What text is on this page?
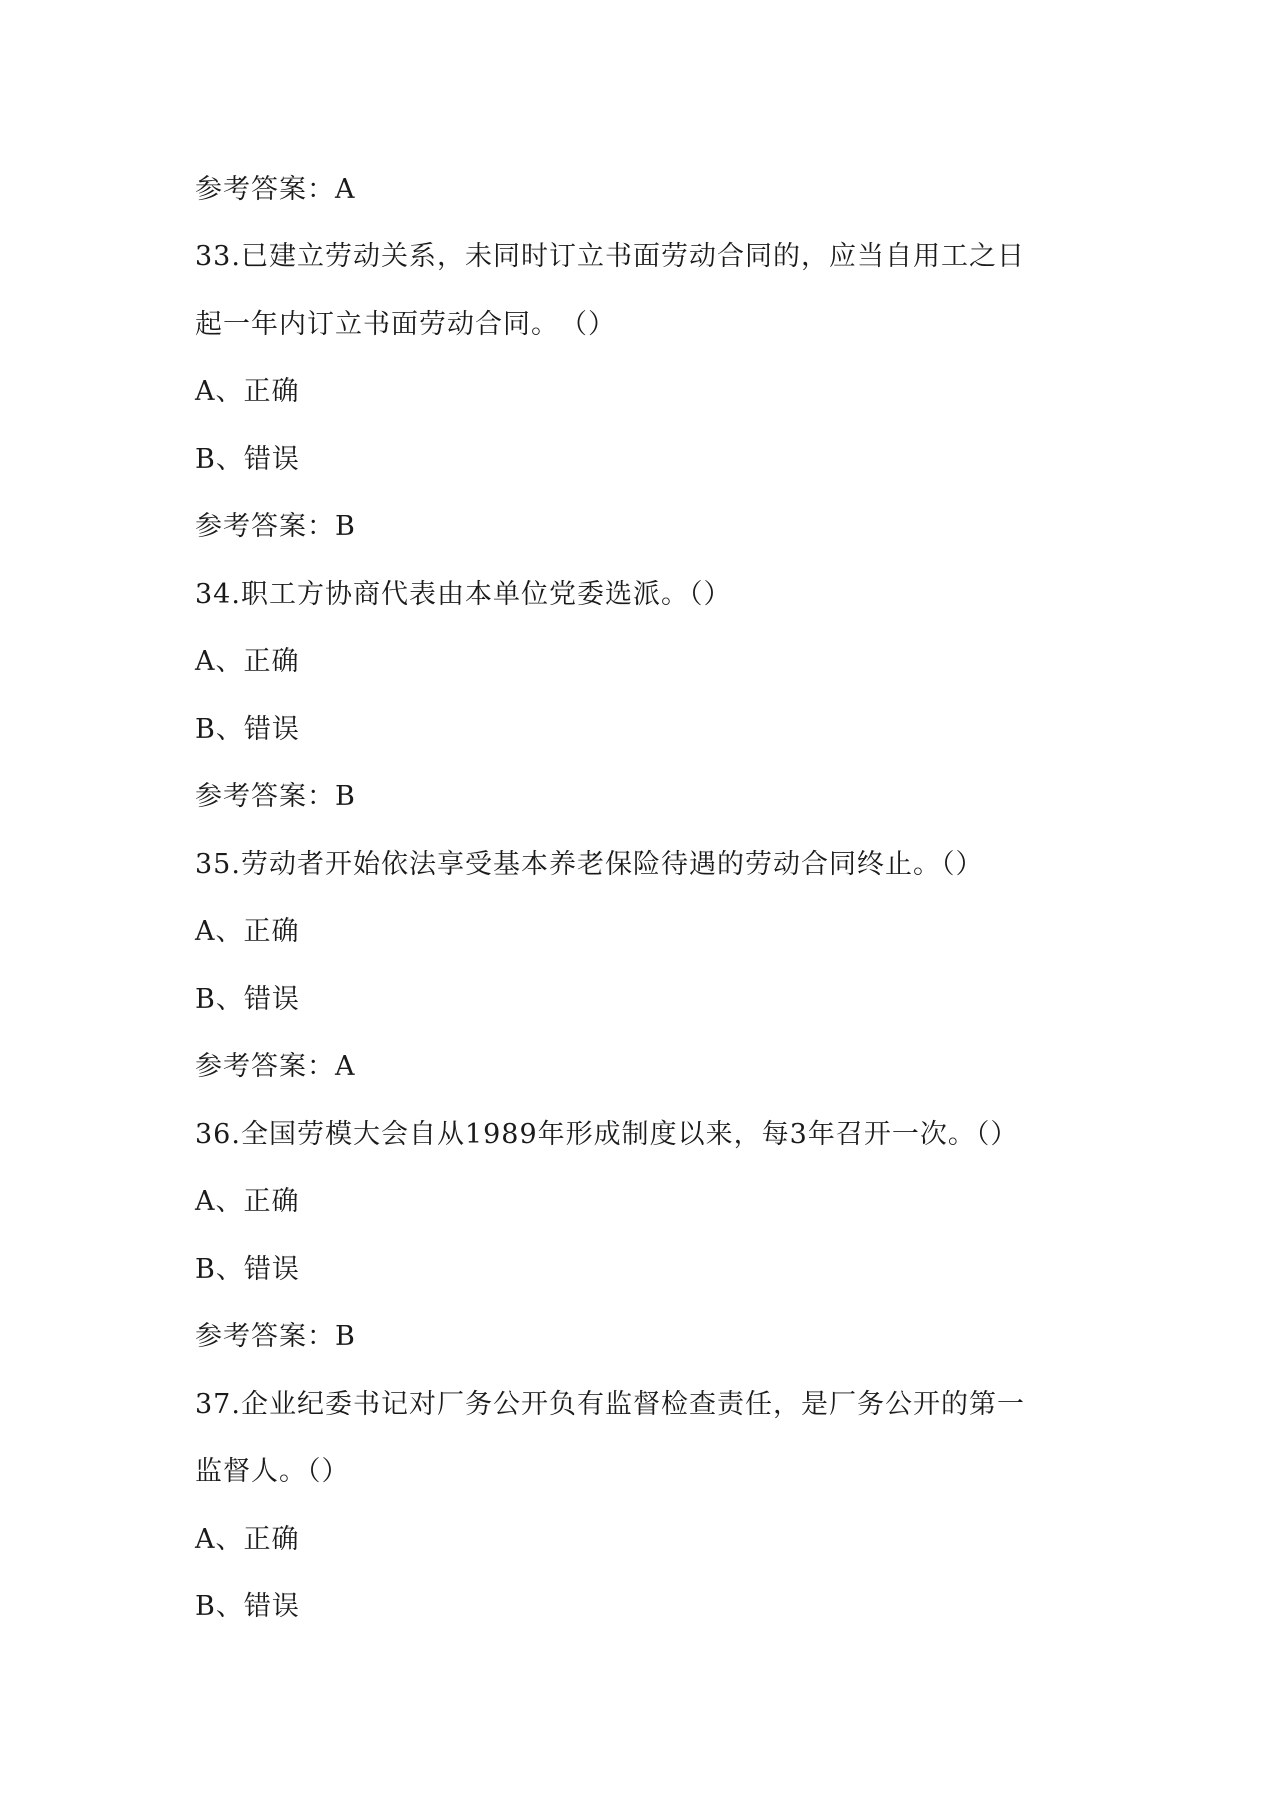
参考答案：A
33.已建立劳动关系，未同时订立书面劳动合同的，应当自用工之日
起一年内订立书面劳动合同。　（）
A、正确
B、错误
参考答案：B
34.职工方协商代表由本单位党委选派。（）
A、正确
B、错误
参考答案：B
35.劳动者开始依法享受基本养老保险待遇的劳动合同终止。（）
A、正确
B、错误
参考答案：A
36.全国劳模大会自从1989年形成制度以来，每3年召开一次。（）
A、正确
B、错误
参考答案：B
37.企业纪委书记对厂务公开负有监督检查责任，是厂务公开的第一
监督人。（）
A、正确
B、错误
